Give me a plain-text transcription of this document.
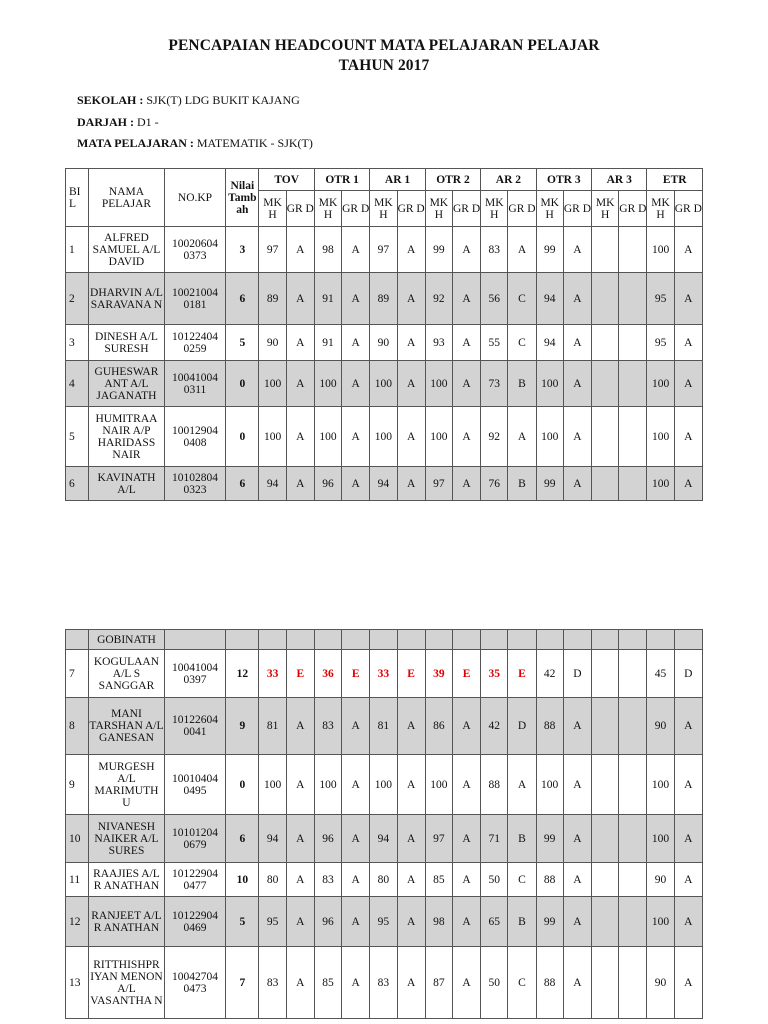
PENCAPAIAN HEADCOUNT MATA PELAJARAN PELAJAR
TAHUN 2017
SEKOLAH : SJK(T) LDG BUKIT KAJANG
DARJAH : D1 -
MATA PELAJARAN : MATEMATIK - SJK(T)
BI L	NAMA PELAJAR	NO.KP	Nilai Tamb ah	TOV		OTR 1		AR 1		OTR 2		AR 2		OTR 3		AR 3		ETR	
				MK H	GR D	MK H	GR D	MK H	GR D	MK H	GR D	MK H	GR D	MK H	GR D	MK H	GR D	MK H	GR D
1	ALFRED SAMUEL A/L DAVID	10020604 0373	3	97	A	98	A	97	A	99	A	83	A	99	A			100	A
2	DHARVIN A/L SARAVANA N	10021004 0181	6	89	A	91	A	89	A	92	A	56	C	94	A			95	A
3	DINESH A/L SURESH	10122404 0259	5	90	A	91	A	90	A	93	A	55	C	94	A			95	A
4	GUHESWAR ANT A/L JAGANATH	10041004 0311	0	100	A	100	A	100	A	100	A	73	B	100	A			100	A
5	HUMITRAA NAIR A/P HARIDASS NAIR	10012904 0408	0	100	A	100	A	100	A	100	A	92	A	100	A			100	A
6	KAVINATH A/L	10102804 0323	6	94	A	96	A	94	A	97	A	76	B	99	A			100	A
	GOBINATH																		
7	KOGULAAN A/L S SANGGAR	10041004 0397	12	33	E	36	E	33	E	39	E	35	E	42	D			45	D
8	MANI TARSHAN A/L GANESAN	10122604 0041	9	81	A	83	A	81	A	86	A	42	D	88	A			90	A
9	MURGESH A/L MARIMUTH U	10010404 0495	0	100	A	100	A	100	A	100	A	88	A	100	A			100	A
10	NIVANESH NAIKER A/L SURES	10101204 0679	6	94	A	96	A	94	A	97	A	71	B	99	A			100	A
11	RAAJIES A/L R ANATHAN	10122904 0477	10	80	A	83	A	80	A	85	A	50	C	88	A			90	A
12	RANJEET A/L R ANATHAN	10122904 0469	5	95	A	96	A	95	A	98	A	65	B	99	A			100	A
13	RITTHISHPR IYAN MENON A/L VASANTHA N	10042704 0473	7	83	A	85	A	83	A	87	A	50	C	88	A			90	A
